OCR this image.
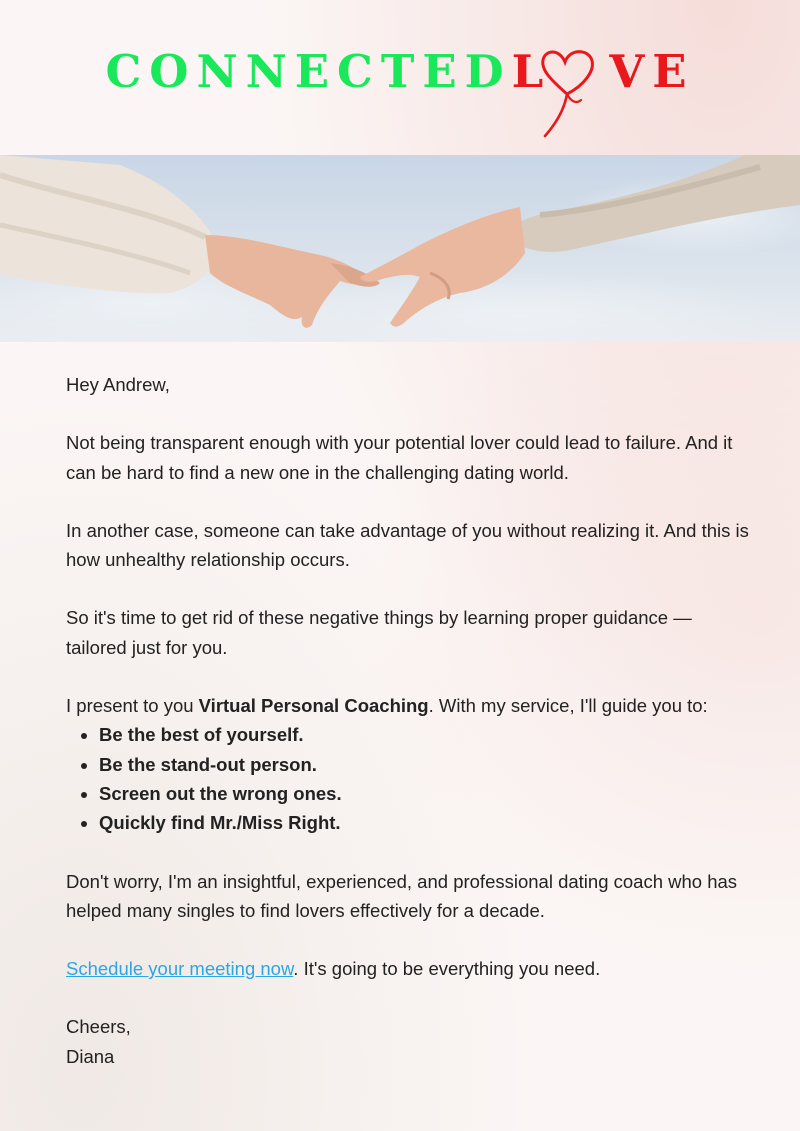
CONNECTEDL VE

Hey Andrew,

Not being transparent enough with your potential lover could lead to failure. And it can be hard to find a new one in the challenging dating world.

In another case, someone can take advantage of you without realizing it. And this is how unhealthy relationship occurs.

So it's time to get rid of these negative things by learning proper guidance — tailored just for you.

I present to you Virtual Personal Coaching. With my service, I'll guide you to:

• Be the best of yourself.
• Be the stand-out person.
• Screen out the wrong ones.
• Quickly find Mr./Miss Right.

Don't worry, I'm an insightful, experienced, and professional dating coach who has helped many singles to find lovers effectively for a decade.

Schedule your meeting now. It's going to be everything you need.

Cheers,

Diana
